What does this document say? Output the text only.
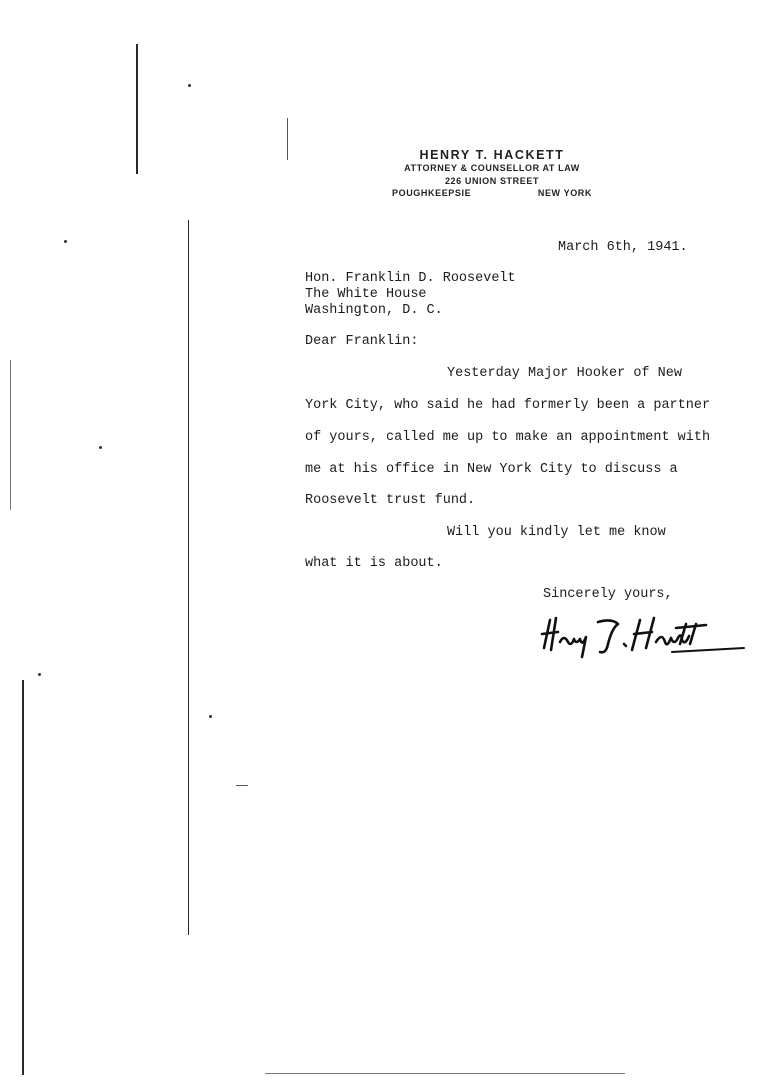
HENRY T. HACKETT
ATTORNEY & COUNSELLOR AT LAW
226 UNION STREET
POUGHKEEPSIE	NEW YORK
March 6th, 1941.
Hon. Franklin D. Roosevelt
The White House
Washington, D. C.
Dear Franklin:
Yesterday Major Hooker of New
York City, who said he had formerly been a partner
of yours, called me up to make an appointment with
me at his office in New York City to discuss a
Roosevelt trust fund.
Will you kindly let me know
what it is about.
Sincerely yours,
